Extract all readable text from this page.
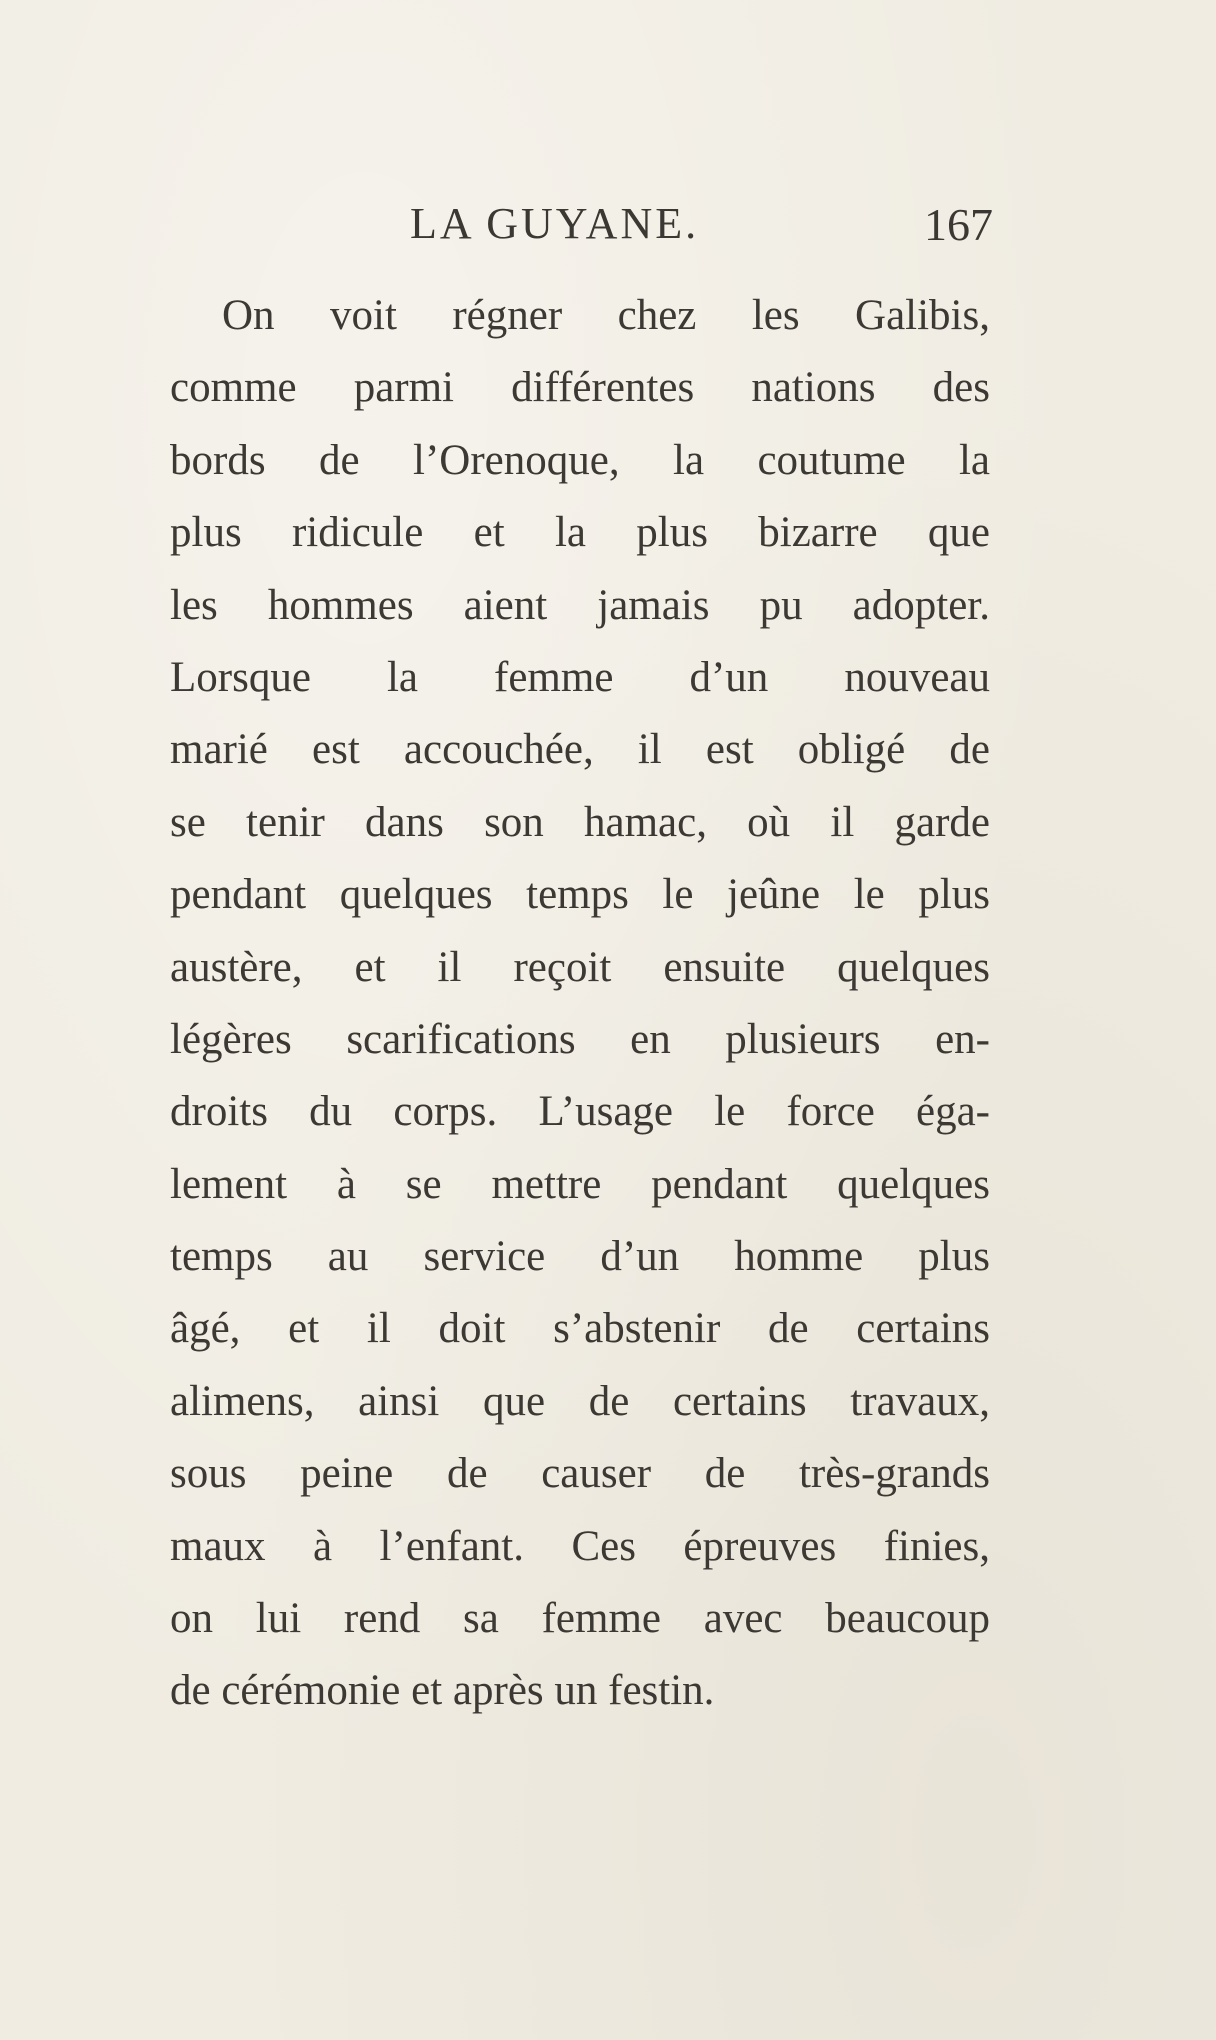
LA GUYANE.	167
On voit régner chez les Galibis,
comme parmi différentes nations des
bords de l’Orenoque, la coutume la
plus ridicule et la plus bizarre que
les hommes aient jamais pu adopter.
Lorsque la femme d’un nouveau
marié est accouchée, il est obligé de
se tenir dans son hamac, où il garde
pendant quelques temps le jeûne le plus
austère, et il reçoit ensuite quelques
légères scarifications en plusieurs en-
droits du corps. L’usage le force éga-
lement à se mettre pendant quelques
temps au service d’un homme plus
âgé, et il doit s’abstenir de certains
alimens, ainsi que de certains travaux,
sous peine de causer de très-grands
maux à l’enfant. Ces épreuves finies,
on lui rend sa femme avec beaucoup
de cérémonie et après un festin.
